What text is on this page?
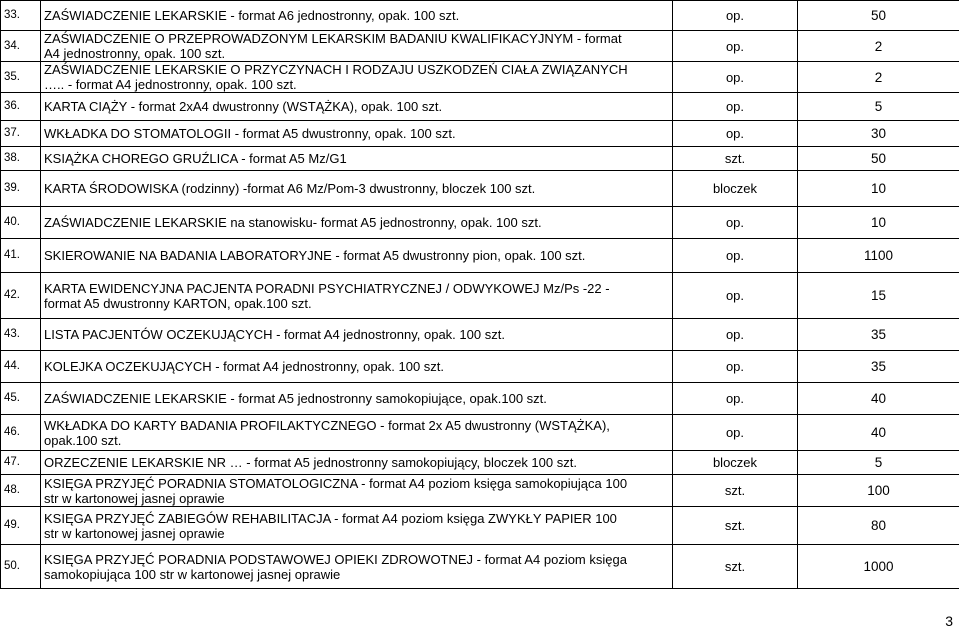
33.	ZAŚWIADCZENIE LEKARSKIE - format A6 jednostronny, opak. 100 szt.	op.	50
34.	ZAŚWIADCZENIE O PRZEPROWADZONYM LEKARSKIM BADANIU KWALIFIKACYJNYM - format
A4 jednostronny, opak. 100 szt.	op.	2
35.	ZAŚWIADCZENIE LEKARSKIE O PRZYCZYNACH I RODZAJU USZKODZEŃ CIAŁA ZWIĄZANYCH
….. - format A4 jednostronny, opak. 100 szt.	op.	2
36.	KARTA CIĄŻY - format 2xA4 dwustronny (WSTĄŻKA), opak. 100 szt.	op.	5
37.	WKŁADKA DO STOMATOLOGII - format A5 dwustronny, opak. 100 szt.	op.	30
38.	KSIĄŻKA CHOREGO GRUŹLICA - format A5 Mz/G1	szt.	50
39.	KARTA ŚRODOWISKA (rodzinny) -format A6 Mz/Pom-3 dwustronny, bloczek 100 szt.	bloczek	10
40.	ZAŚWIADCZENIE LEKARSKIE na stanowisku- format A5 jednostronny, opak. 100 szt.	op.	10
41.	SKIEROWANIE NA BADANIA LABORATORYJNE - format A5 dwustronny pion, opak. 100 szt.	op.	1100
42.	KARTA EWIDENCYJNA PACJENTA PORADNI PSYCHIATRYCZNEJ / ODWYKOWEJ Mz/Ps -22 -
format A5 dwustronny KARTON, opak.100 szt.	op.	15
43.	LISTA PACJENTÓW OCZEKUJĄCYCH - format A4 jednostronny, opak. 100 szt.	op.	35
44.	KOLEJKA OCZEKUJĄCYCH - format A4 jednostronny, opak. 100 szt.	op.	35
45.	ZAŚWIADCZENIE LEKARSKIE - format A5 jednostronny samokopiujące, opak.100 szt.	op.	40
46.	WKŁADKA DO KARTY BADANIA PROFILAKTYCZNEGO - format 2x A5 dwustronny (WSTĄŻKA),
opak.100 szt.	op.	40
47.	ORZECZENIE LEKARSKIE NR … - format A5 jednostronny samokopiujący, bloczek 100 szt.	bloczek	5
48.	KSIĘGA PRZYJĘĆ PORADNIA STOMATOLOGICZNA - format A4 poziom księga samokopiująca 100
str w kartonowej jasnej oprawie	szt.	100
49.	KSIĘGA PRZYJĘĆ ZABIEGÓW REHABILITACJA - format A4 poziom księga ZWYKŁY PAPIER 100
str w kartonowej jasnej oprawie	szt.	80
50.	KSIĘGA PRZYJĘĆ PORADNIA PODSTAWOWEJ OPIEKI ZDROWOTNEJ - format A4 poziom księga
samokopiująca 100 str w kartonowej jasnej oprawie	szt.	1000
3
